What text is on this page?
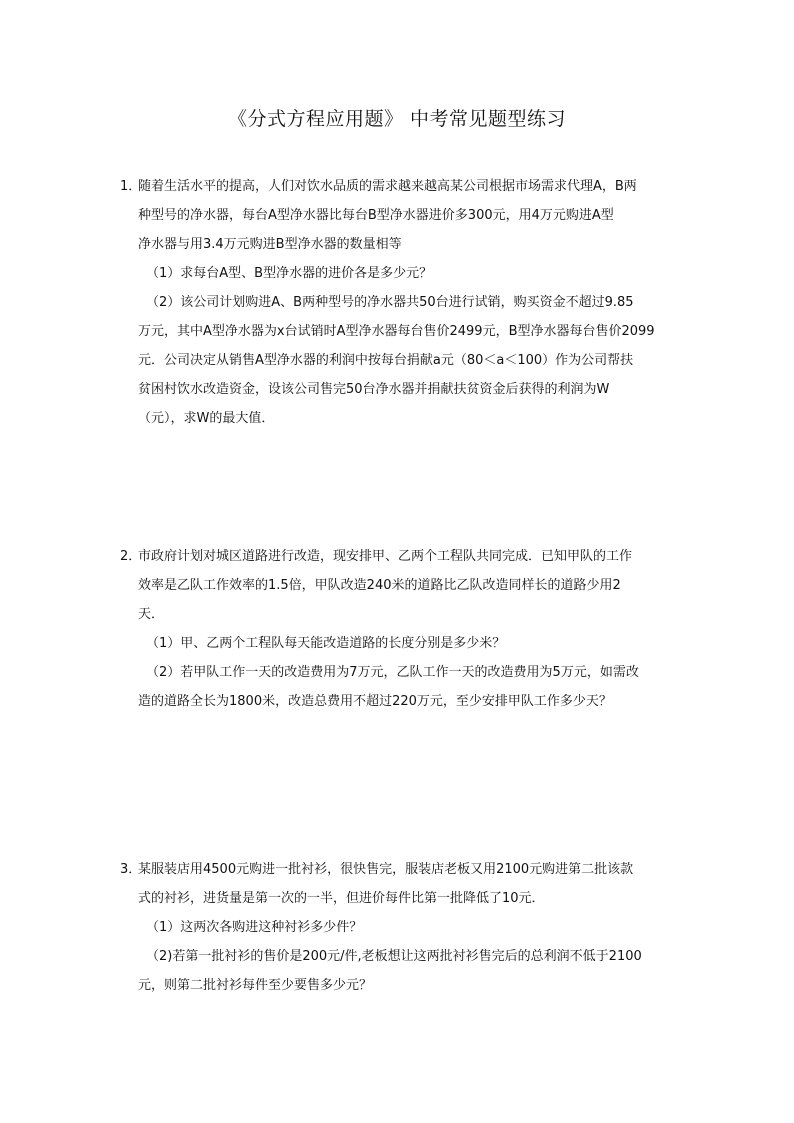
《分式方程应用题》 中考常见题型练习
1．随着生活水平的提高，人们对饮水品质的需求越来越高某公司根据市场需求代理A，B两
种型号的净水器，每台A型净水器比每台B型净水器进价多300元，用4万元购进A型
净水器与用3.4万元购进B型净水器的数量相等
（1）求每台A型、B型净水器的进价各是多少元？
（2）该公司计划购进A、B两种型号的净水器共50台进行试销，购买资金不超过9.85
万元，其中A型净水器为x台试销时A型净水器每台售价2499元，B型净水器每台售价2099
元．公司决定从销售A型净水器的利润中按每台捐献a元（80＜a＜100）作为公司帮扶
贫困村饮水改造资金，设该公司售完50台净水器并捐献扶贫资金后获得的利润为W
（元），求W的最大值．
2．市政府计划对城区道路进行改造，现安排甲、乙两个工程队共同完成．已知甲队的工作
效率是乙队工作效率的1.5倍，甲队改造240米的道路比乙队改造同样长的道路少用2
天．
（1）甲、乙两个工程队每天能改造道路的长度分别是多少米？
（2）若甲队工作一天的改造费用为7万元，乙队工作一天的改造费用为5万元，如需改
造的道路全长为1800米，改造总费用不超过220万元，至少安排甲队工作多少天？
3．某服装店用4500元购进一批衬衫，很快售完，服装店老板又用2100元购进第二批该款
式的衬衫，进货量是第一次的一半，但进价每件比第一批降低了10元．
（1）这两次各购进这种衬衫多少件？
（2)若第一批衬衫的售价是200元/件,老板想让这两批衬衫售完后的总利润不低于2100
元，则第二批衬衫每件至少要售多少元？
